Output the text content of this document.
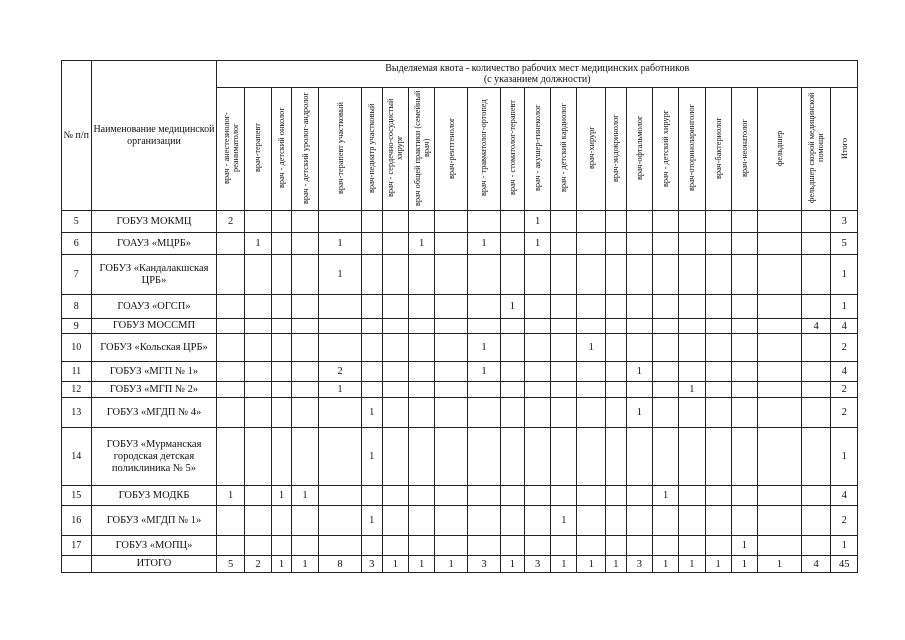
№ п/п	Наименование медицинской организации	Выделяемая квота - количество рабочих мест медицинских работников
(с указанием должности)																						

		врач - анестезиолог-реаниматолог	врач-терапевт	врач - детский онколог	врач - детский уролог-андролог	врач-терапевт участковый	врач-педиатр участковый	врач - сердечно-сосудистый хирург	врач общей практики (семейный врач)	врач-рентгенолог	врач - травматолог-ортопед	врач - стоматолог-терапевт	врач - акушер-гинеколог	врач - детский кардиолог	врач-хирург	врач-эндокринолог	врач-офтальмолог	врач - детский хирург	врач-оториноларинголог	врач-бактериолог	врач-неонатолог	фельдшер	фельдшер скорой медицинской помощи	Итого
5	ГОБУЗ МОКМЦ	2											1											3
6	ГОАУЗ «МЦРБ»		1			1			1		1		1											5
7	ГОБУЗ «Кандалакшская ЦРБ»					1																		1
8	ГОАУЗ «ОГСП»											1												1
9	ГОБУЗ МОССМП																						4	4
10	ГОБУЗ «Кольская ЦРБ»										1				1									2
11	ГОБУЗ «МГП № 1»					2					1						1							4
12	ГОБУЗ «МГП № 2»					1													1					2
13	ГОБУЗ «МГДП № 4»						1										1							2
14	ГОБУЗ «Мурманская городская детская поликлиника № 5»						1																	1
15	ГОБУЗ МОДКБ	1		1	1													1						4
16	ГОБУЗ «МГДП № 1»						1							1										2
17	ГОБУЗ «МОПЦ»																				1			1
	ИТОГО	5	2	1	1	8	3	1	1	1	3	1	3	1	1	1	3	1	1	1	1	1	4	45
